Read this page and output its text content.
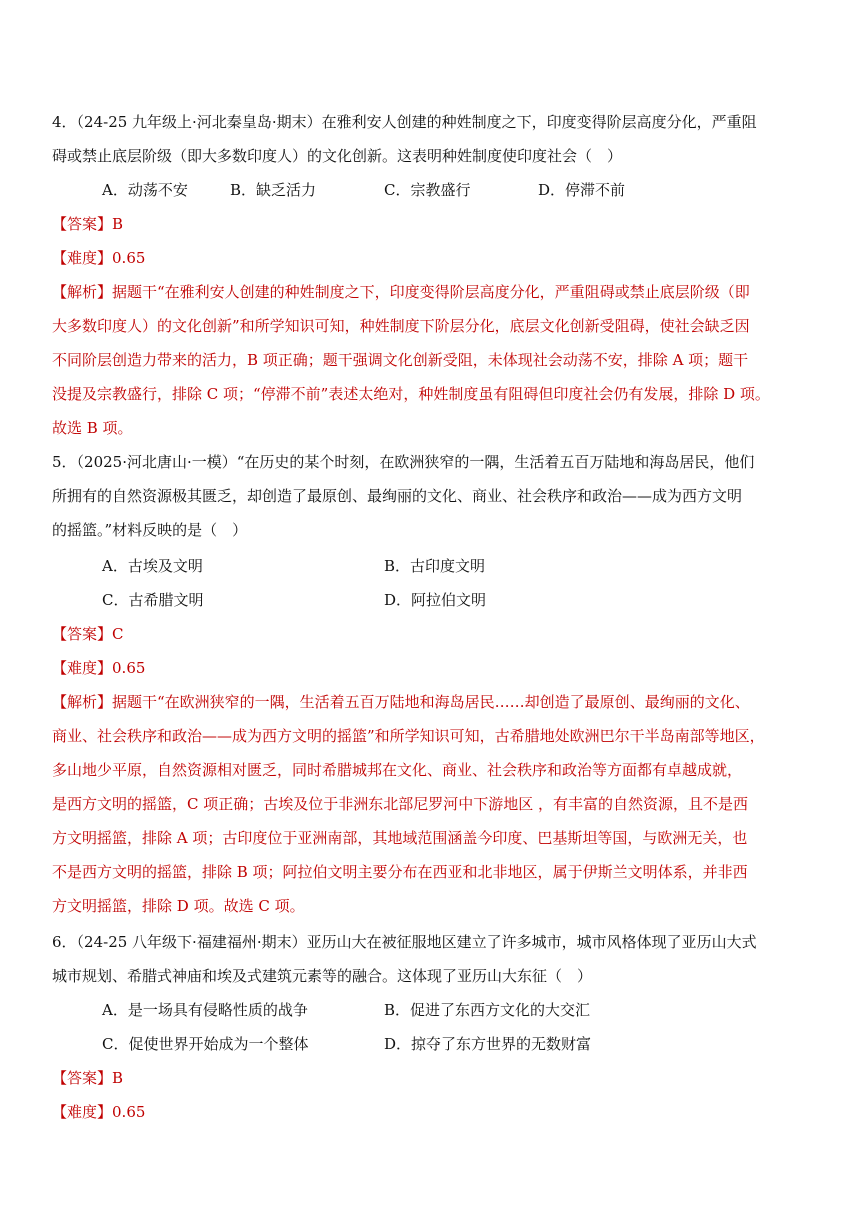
4．（24-25 九年级上·河北秦皇岛·期末）在雅利安人创建的种姓制度之下，印度变得阶层高度分化，严重阻
碍或禁止底层阶级（即大多数印度人）的文化创新。这表明种姓制度使印度社会（　）
A．动荡不安	B．缺乏活力	C．宗教盛行	D．停滞不前
【答案】B
【难度】0.65
【解析】据题干“在雅利安人创建的种姓制度之下，印度变得阶层高度分化，严重阻碍或禁止底层阶级（即
大多数印度人）的文化创新”和所学知识可知，种姓制度下阶层分化，底层文化创新受阻碍，使社会缺乏因
不同阶层创造力带来的活力，B 项正确；题干强调文化创新受阻，未体现社会动荡不安，排除 A 项；题干
没提及宗教盛行，排除 C 项；“停滞不前”表述太绝对，种姓制度虽有阻碍但印度社会仍有发展，排除 D 项。
故选 B 项。
5．（2025·河北唐山·一模）“在历史的某个时刻，在欧洲狭窄的一隅，生活着五百万陆地和海岛居民，他们
所拥有的自然资源极其匮乏，却创造了最原创、最绚丽的文化、商业、社会秩序和政治——成为西方文明
的摇篮。”材料反映的是（　）
A．古埃及文明	B．古印度文明
C．古希腊文明	D．阿拉伯文明
【答案】C
【难度】0.65
【解析】据题干“在欧洲狭窄的一隅，生活着五百万陆地和海岛居民……却创造了最原创、最绚丽的文化、
商业、社会秩序和政治——成为西方文明的摇篮”和所学知识可知，古希腊地处欧洲巴尔干半岛南部等地区，
多山地少平原，自然资源相对匮乏，同时希腊城邦在文化、商业、社会秩序和政治等方面都有卓越成就，
是西方文明的摇篮，C 项正确；古埃及位于非洲东北部尼罗河中下游地区 ，有丰富的自然资源，且不是西
方文明摇篮，排除 A 项；古印度位于亚洲南部，其地域范围涵盖今印度、巴基斯坦等国，与欧洲无关，也
不是西方文明的摇篮，排除 B 项；阿拉伯文明主要分布在西亚和北非地区，属于伊斯兰文明体系，并非西
方文明摇篮，排除 D 项。故选 C 项。
6．（24-25 八年级下·福建福州·期末）亚历山大在被征服地区建立了许多城市，城市风格体现了亚历山大式
城市规划、希腊式神庙和埃及式建筑元素等的融合。这体现了亚历山大东征（　）
A．是一场具有侵略性质的战争	B．促进了东西方文化的大交汇
C．促使世界开始成为一个整体	D．掠夺了东方世界的无数财富
【答案】B
【难度】0.65
